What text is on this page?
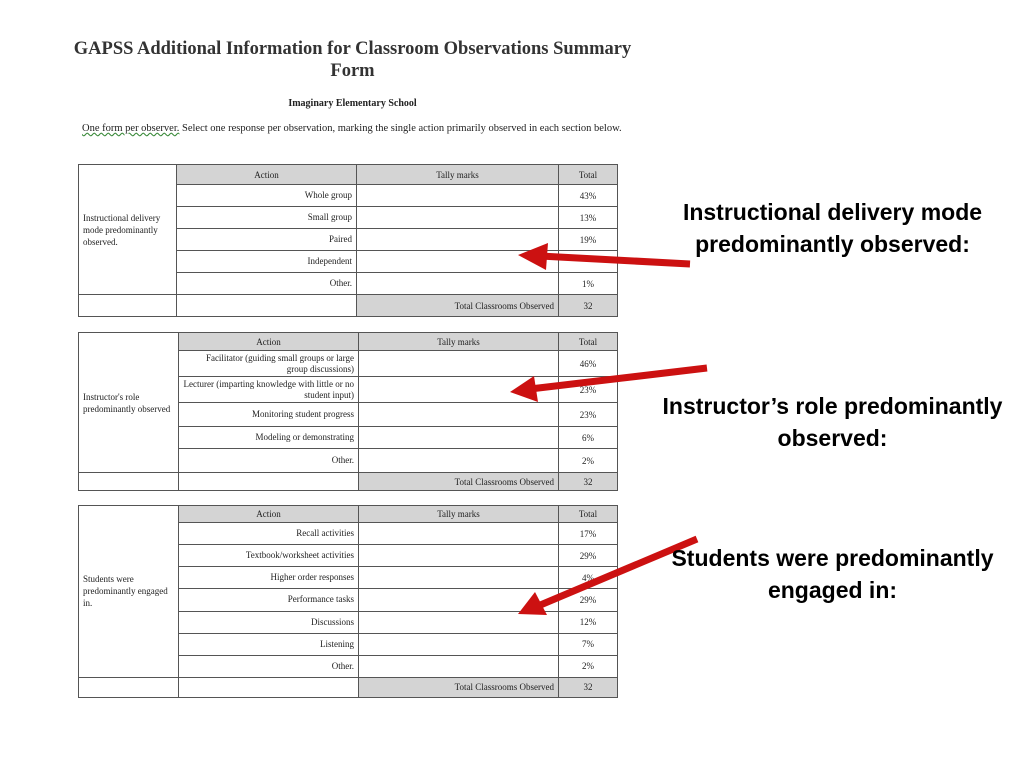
GAPSS Additional Information for Classroom Observations Summary Form
Imaginary Elementary School
One form per observer. Select one response per observation, marking the single action primarily observed in each section below.
Instructional delivery mode predominantly observed.	Action	Tally marks	Total
	Whole group		43%
	Small group		13%
	Paired		19%
	Independent		
	Other.		1%
		Total Classrooms Observed	32
Instructor's role predominantly observed	Action	Tally marks	Total
	Facilitator (guiding small groups or large group discussions)		46%
	Lecturer (imparting knowledge with little or no student input)		23%
	Monitoring student progress		23%
	Modeling or demonstrating		6%
	Other.		2%
		Total Classrooms Observed	32
Students were predominantly engaged in.	Action	Tally marks	Total
	Recall activities		17%
	Textbook/worksheet activities		29%
	Higher order responses		4%
	Performance tasks		29%
	Discussions		12%
	Listening		7%
	Other.		2%
		Total Classrooms Observed	32
Instructional delivery mode predominantly observed:
Instructor’s role predominantly observed:
Students were predominantly engaged in:
